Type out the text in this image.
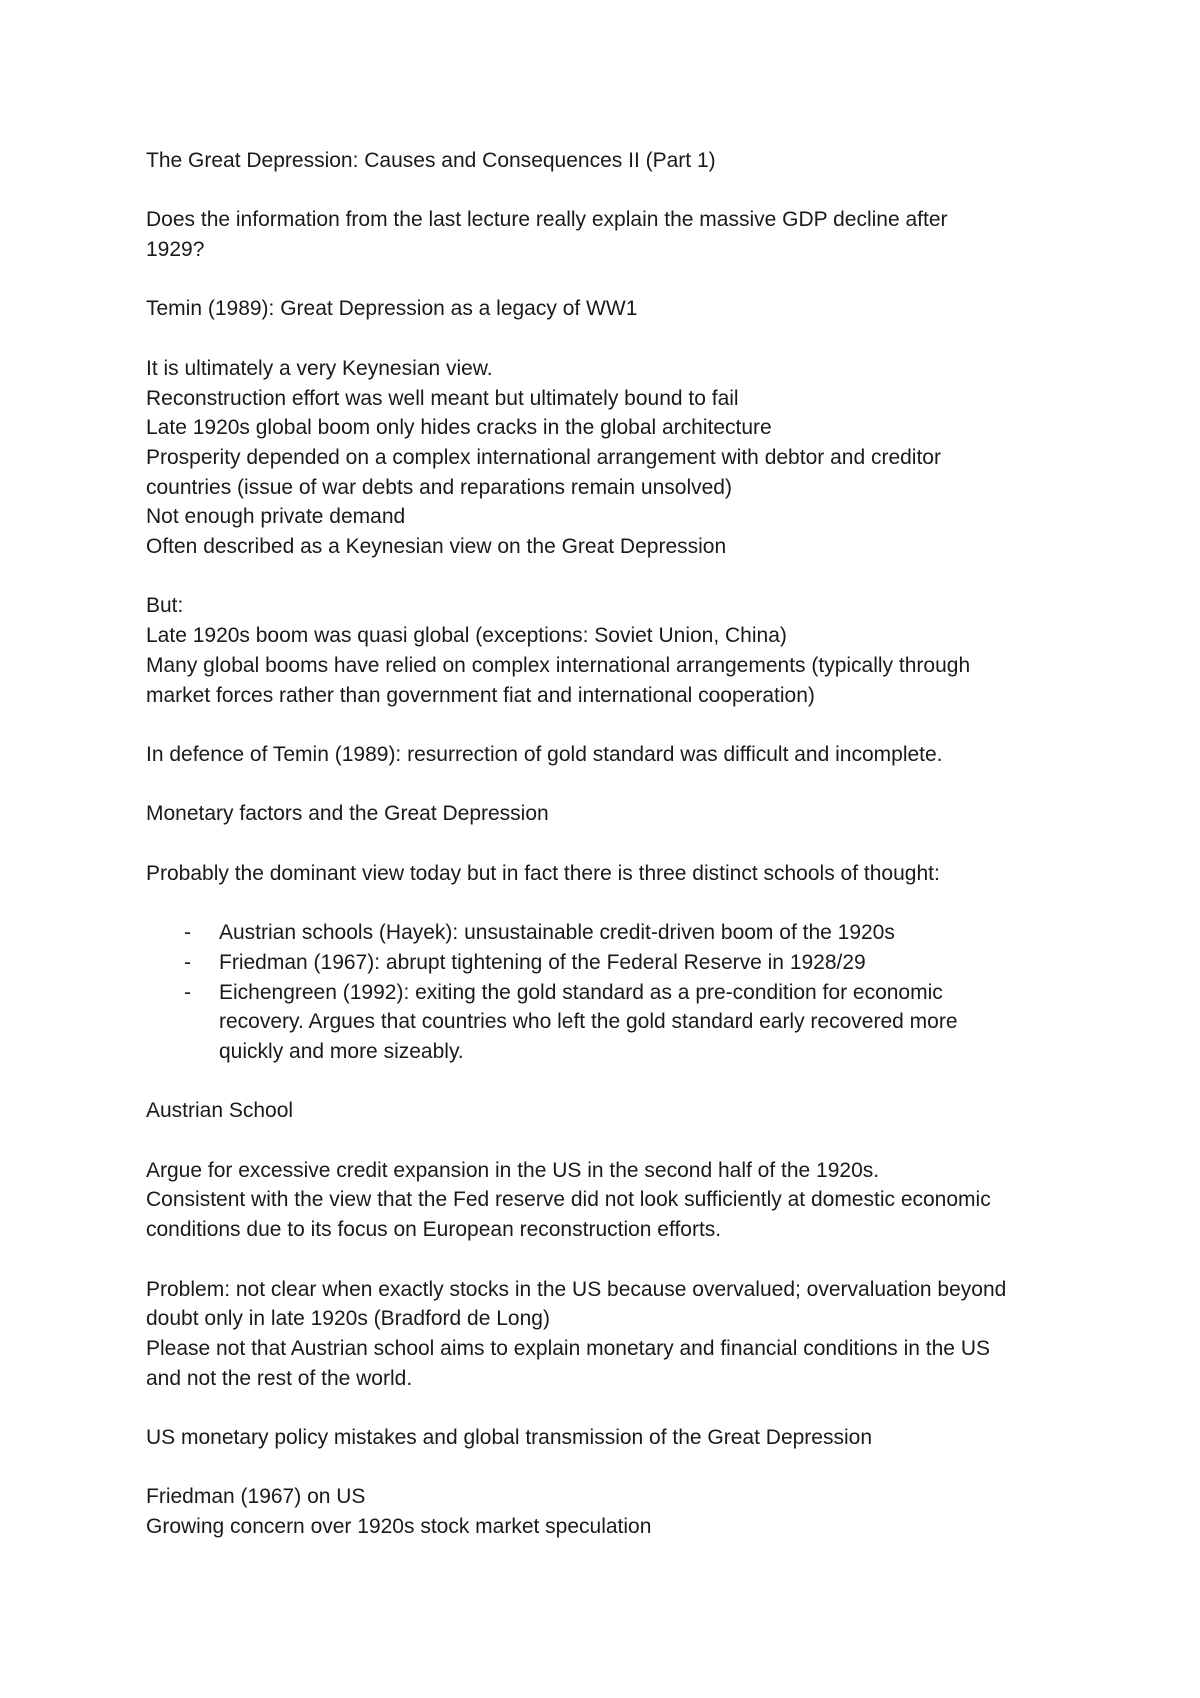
The Great Depression: Causes and Consequences II (Part 1)

Does the information from the last lecture really explain the massive GDP decline after

1929?

Temin (1989): Great Depression as a legacy of WW1

It is ultimately a very Keynesian view.

Reconstruction effort was well meant but ultimately bound to fail

Late 1920s global boom only hides cracks in the global architecture

Prosperity depended on a complex international arrangement with debtor and creditor

countries (issue of war debts and reparations remain unsolved)

Not enough private demand

Often described as a Keynesian view on the Great Depression

But:

Late 1920s boom was quasi global (exceptions: Soviet Union, China)

Many global booms have relied on complex international arrangements (typically through

market forces rather than government fiat and international cooperation)

In defence of Temin (1989): resurrection of gold standard was difficult and incomplete.

Monetary factors and the Great Depression

Probably the dominant view today but in fact there is three distinct schools of thought:

- Austrian schools (Hayek): unsustainable credit-driven boom of the 1920s
- Friedman (1967): abrupt tightening of the Federal Reserve in 1928/29
- Eichengreen (1992): exiting the gold standard as a pre-condition for economic

recovery. Argues that countries who left the gold standard early recovered more

quickly and more sizeably.

Austrian School

Argue for excessive credit expansion in the US in the second half of the 1920s.

Consistent with the view that the Fed reserve did not look sufficiently at domestic economic

conditions due to its focus on European reconstruction efforts.

Problem: not clear when exactly stocks in the US because overvalued; overvaluation beyond

doubt only in late 1920s (Bradford de Long)

Please not that Austrian school aims to explain monetary and financial conditions in the US

and not the rest of the world.

US monetary policy mistakes and global transmission of the Great Depression

Friedman (1967) on US

Growing concern over 1920s stock market speculation
